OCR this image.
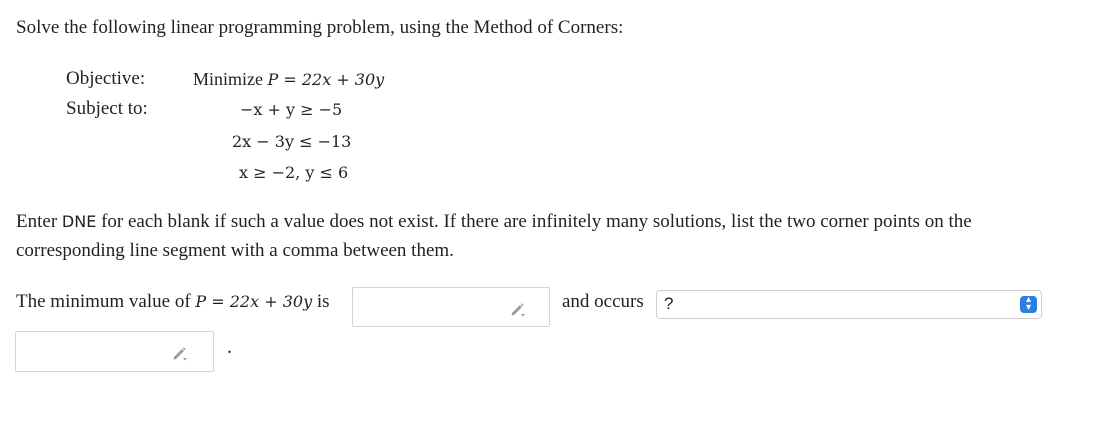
Solve the following linear programming problem, using the Method of Corners:
Objective:
Subject to:
Minimize P = 22x + 30y
−x + y ≥ −5
2x − 3y ≤ −13
x ≥ −2, y ≤ 6
Enter DNE for each blank if such a value does not exist. If there are infinitely many solutions, list the two corner points on the corresponding line segment with a comma between them.
The minimum value of P = 22x + 30y is	and occurs ?	▴
▾
.
